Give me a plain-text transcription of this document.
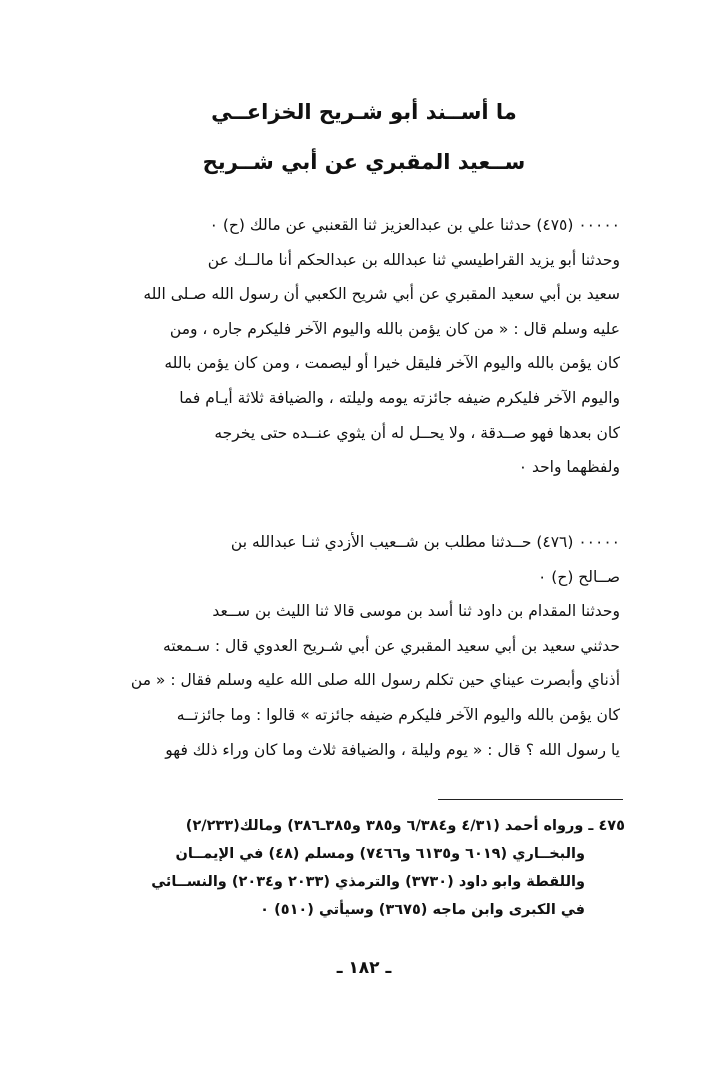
ما أســند أبو شـريح الخزاعــي
ســعيد المقبري عن أبي شــريح
٠٠٠٠٠ (٤٧٥) حدثنا علي بن عبدالعزيز ثنا القعنبي عن مالك (ح) ٠
وحدثنا أبو يزيد القراطيسي ثنا عبدالله بن عبدالحكم أنا مالــك عن
سعيد بن أبي سعيد المقبري عن أبي شريح الكعبي أن رسول الله صـلى الله
عليه وسلم قال : « من كان يؤمن بالله واليوم الآخر فليكرم جاره ، ومن
كان يؤمن بالله واليوم الآخر فليقل خيرا أو ليصمت ، ومن كان يؤمن بالله
واليوم الآخر فليكرم ضيفه جائزته يومه وليلته ، والضيافة ثلاثة أيـام فما
كان بعدها فهو صــدقة ، ولا يحــل له أن يثوي عنــده حتى يخرجه
ولفظهما واحد ٠
٠٠٠٠٠ (٤٧٦) حــدثنا مطلب بن شــعيب الأزدي ثنـا عبدالله بن
صــالح (ح) ٠
وحدثنا المقدام بن داود ثنا أسد بن موسى قالا ثنا الليث بن ســعد
حدثني سعيد بن أبي سعيد المقبري عن أبي شـريح العدوي قال : سـمعته
أذناي وأبصرت عيناي حين تكلم رسول الله صلى الله عليه وسلم فقال : « من
كان يؤمن بالله واليوم الآخر فليكرم ضيفه جائزته » قالوا : وما جائزتــه
يا رسول الله ؟ قال : « يوم وليلة ، والضيافة ثلاث وما كان وراء ذلك فهو
٤٧٥ ـ ورواه أحمد (٤/٣١ و٦/٣٨٤ و٣٨٥ و٣٨٥ـ٣٨٦) ومالك(٢/٢٣٣)
والبخــاري (٦٠١٩ و٦١٣٥ و٧٤٦٦) ومسلم (٤٨) في الإيمــان
واللقطة وابو داود (٣٧٣٠) والترمذي (٢٠٣٣ و٢٠٣٤) والنســائي
في الكبرى وابن ماجه (٣٦٧٥) وسيأتي (٥١٠) ٠
ـ ١٨٢ ـ
